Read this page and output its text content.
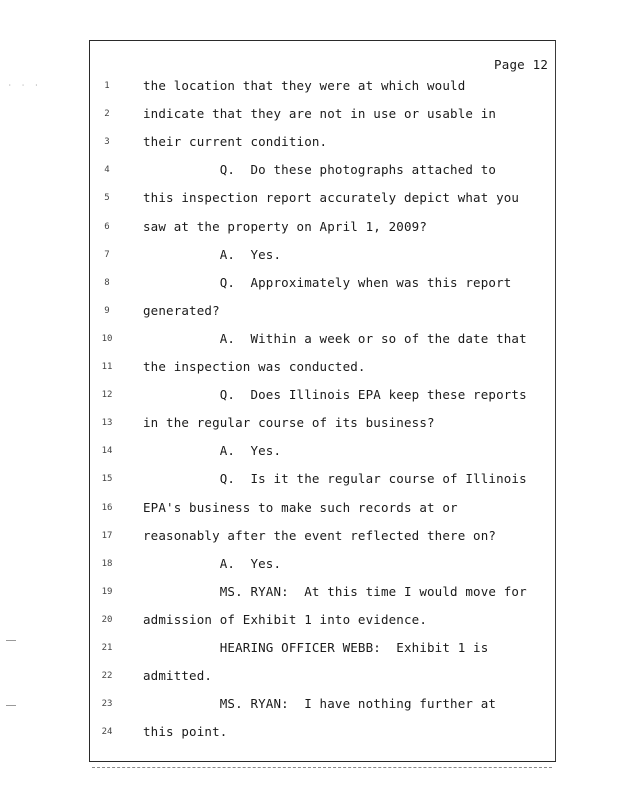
· · ·
Page 12
1	the location that they were at which would
2	indicate that they are not in use or usable in
3	their current condition.
4	Q.  Do these photographs attached to
5	this inspection report accurately depict what you
6	saw at the property on April 1, 2009?
7	A.  Yes.
8	Q.  Approximately when was this report
9	generated?
10	A.  Within a week or so of the date that
11	the inspection was conducted.
12	Q.  Does Illinois EPA keep these reports
13	in the regular course of its business?
14	A.  Yes.
15	Q.  Is it the regular course of Illinois
16	EPA's business to make such records at or
17	reasonably after the event reflected there on?
18	A.  Yes.
19	MS. RYAN:  At this time I would move for
20	admission of Exhibit 1 into evidence.
21	HEARING OFFICER WEBB:  Exhibit 1 is
22	admitted.
23	MS. RYAN:  I have nothing further at
24	this point.
